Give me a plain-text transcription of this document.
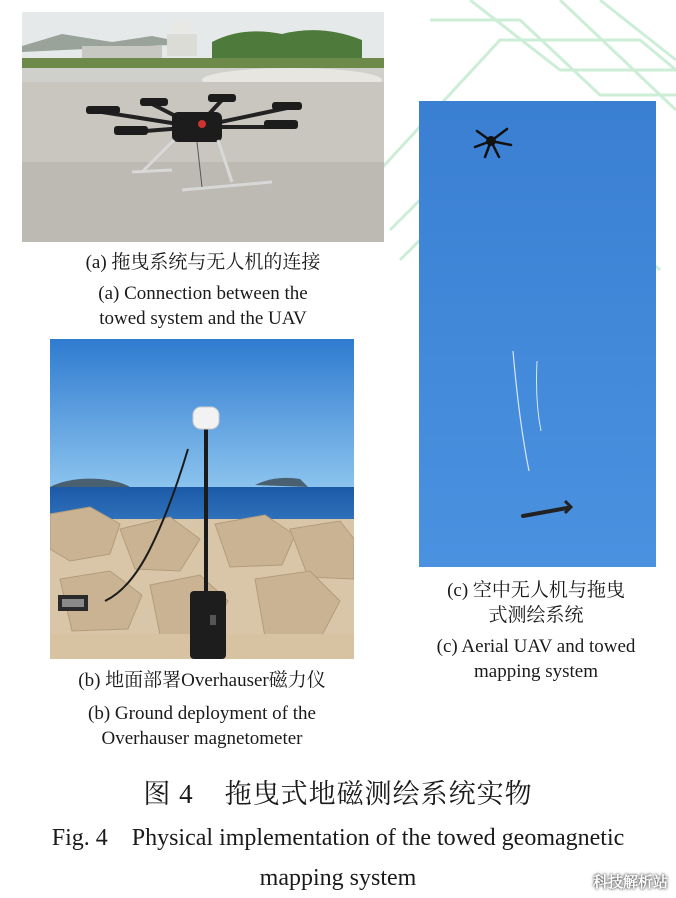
(a) 拖曳系统与无人机的连接
(a) Connection between the
towed system and the UAV
(c) 空中无人机与拖曳
式测绘系统
(c) Aerial UAV and towed
mapping system
(b) 地面部署Overhauser磁力仪
(b) Ground deployment of the
Overhauser magnetometer
图 4    拖曳式地磁测绘系统实物
Fig. 4    Physical implementation of the towed geomagnetic
mapping system	科技解析站
